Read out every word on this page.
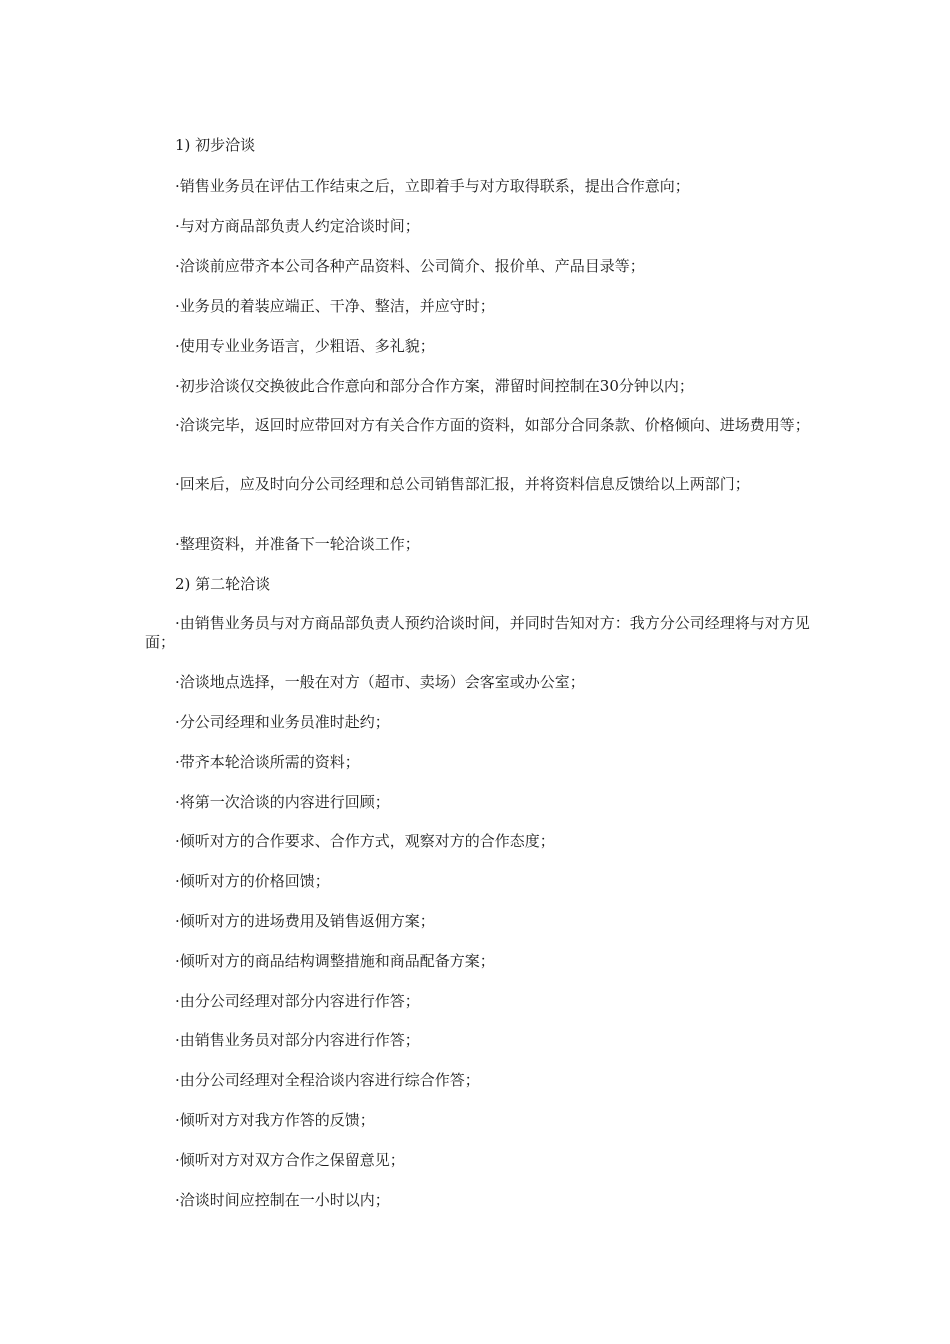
1) 初步洽谈

·销售业务员在评估工作结束之后，立即着手与对方取得联系，提出合作意向；

·与对方商品部负责人约定洽谈时间；

·洽谈前应带齐本公司各种产品资料、公司简介、报价单、产品目录等；

·业务员的着装应端正、干净、整洁，并应守时；

·使用专业业务语言，少粗语、多礼貌；

·初步洽谈仅交换彼此合作意向和部分合作方案，滞留时间控制在30分钟以内；

·洽谈完毕，返回时应带回对方有关合作方面的资料，如部分合同条款、价格倾向、进场费用等；

·回来后，应及时向分公司经理和总公司销售部汇报，并将资料信息反馈给以上两部门；

·整理资料，并准备下一轮洽谈工作；

2) 第二轮洽谈

·由销售业务员与对方商品部负责人预约洽谈时间，并同时告知对方：我方分公司经理将与对方见面；

·洽谈地点选择，一般在对方（超市、卖场）会客室或办公室；

·分公司经理和业务员准时赴约；

·带齐本轮洽谈所需的资料；

·将第一次洽谈的内容进行回顾；

·倾听对方的合作要求、合作方式，观察对方的合作态度；

·倾听对方的价格回馈；

·倾听对方的进场费用及销售返佣方案；

·倾听对方的商品结构调整措施和商品配备方案；

·由分公司经理对部分内容进行作答；

·由销售业务员对部分内容进行作答；

·由分公司经理对全程洽谈内容进行综合作答；

·倾听对方对我方作答的反馈；

·倾听对方对双方合作之保留意见；

·洽谈时间应控制在一小时以内；
